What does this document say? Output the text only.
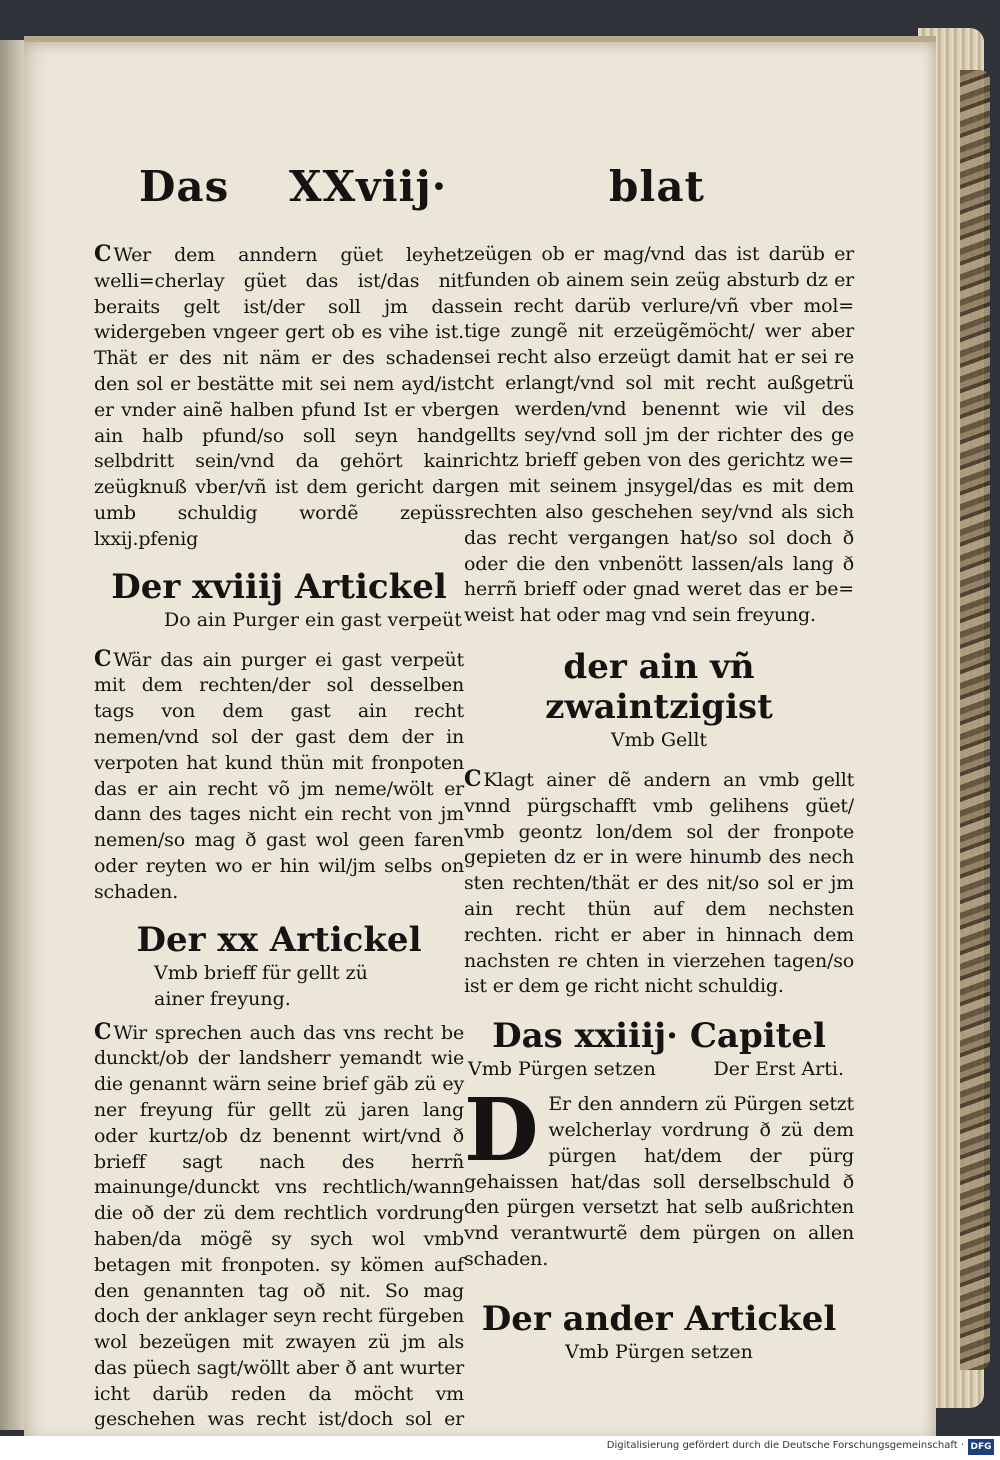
Das XXviij·	blat

C Wer dem anndern güet leyhet welli=cherlay güet das ist/das nit beraits gelt ist/der soll jm das widergeben vngeer gert ob es vihe ist. Thät er des nit näm er des schaden den sol er bestätte mit sei nem ayd/ist er vnder ainẽ halben pfund Ist er vber ain halb pfund/so soll seyn hand selbdritt sein/vnd da gehört kain zeügknuß vber/vñ ist dem gericht dar umb schuldig wordẽ zepüss lxxij.pfenig

Der xviiij Artickel

Do ain Purger ein gast verpeüt

C Wär das ain purger ei gast verpeüt mit dem rechten/der sol desselben tags von dem gast ain recht nemen/vnd sol der gast dem der in verpoten hat kund thün mit fronpoten das er ain recht võ jm neme/wölt er dann des tages nicht ein recht von jm nemen/so mag ð gast wol geen faren oder reyten wo er hin wil/jm selbs on schaden.

Der xx Artickel

Vmb brieff für gellt zü ainer freyung.

C Wir sprechen auch das vns recht be dunckt/ob der landsherr yemandt wie die genannt wärn seine brief gäb zü ey ner freyung für gellt zü jaren lang oder kurtz/ob dz benennt wirt/vnd ð brieff sagt nach des herrñ mainunge/dunckt vns rechtlich/wann die oð der zü dem rechtlich vordrung haben/da mögẽ sy sych wol vmb betagen mit fronpoten. sy kömen auf den genannten tag oð nit. So mag doch der anklager seyn recht fürgeben wol bezeügen mit zwayen zü jm als das püech sagt/wöllt aber ð ant wurter icht darüb reden da möcht vm geschehen was recht ist/doch sol er

zeügen ob er mag/vnd das ist darüb er funden ob ainem sein zeüg absturb dz er sein recht darüb verlure/vñ vber mol= tige zungẽ nit erzeügẽmöcht/ wer aber sei recht also erzeügt damit hat er sei re cht erlangt/vnd sol mit recht außgetrü gen werden/vnd benennt wie vil des gellts sey/vnd soll jm der richter des ge richtz brieff geben von des gerichtz we= gen mit seinem jnsygel/das es mit dem rechten also geschehen sey/vnd als sich das recht vergangen hat/so sol doch ð oder die den vnbenött lassen/als lang ð herrñ brieff oder gnad weret das er be= weist hat oder mag vnd sein freyung.

der ain vñ zwaintzigist

Vmb Gellt

C Klagt ainer dẽ andern an vmb gellt vnnd pürgschafft vmb gelihens güet/ vmb geontz lon/dem sol der fronpote gepieten dz er in were hinumb des nech sten rechten/thät er des nit/so sol er jm ain recht thün auf dem nechsten rechten. richt er aber in hinnach dem nachsten re chten in vierzehen tagen/so ist er dem ge richt nicht schuldig.

Das xxiiij· Capitel

Vmb Pürgen setzen	Der Erst Arti.

D Er den anndern zü Pürgen setzt welcherlay vordrung ð zü dem pürgen hat/dem der pürg gehaissen hat/das soll derselbschuld ð den pürgen versetzt hat selb außrichten vnd verantwurtẽ dem pürgen on allen schaden.

Der ander Artickel

Vmb Pürgen setzen

Digitalisierung gefördert durch die Deutsche Forschungsgemeinschaft · DFG
